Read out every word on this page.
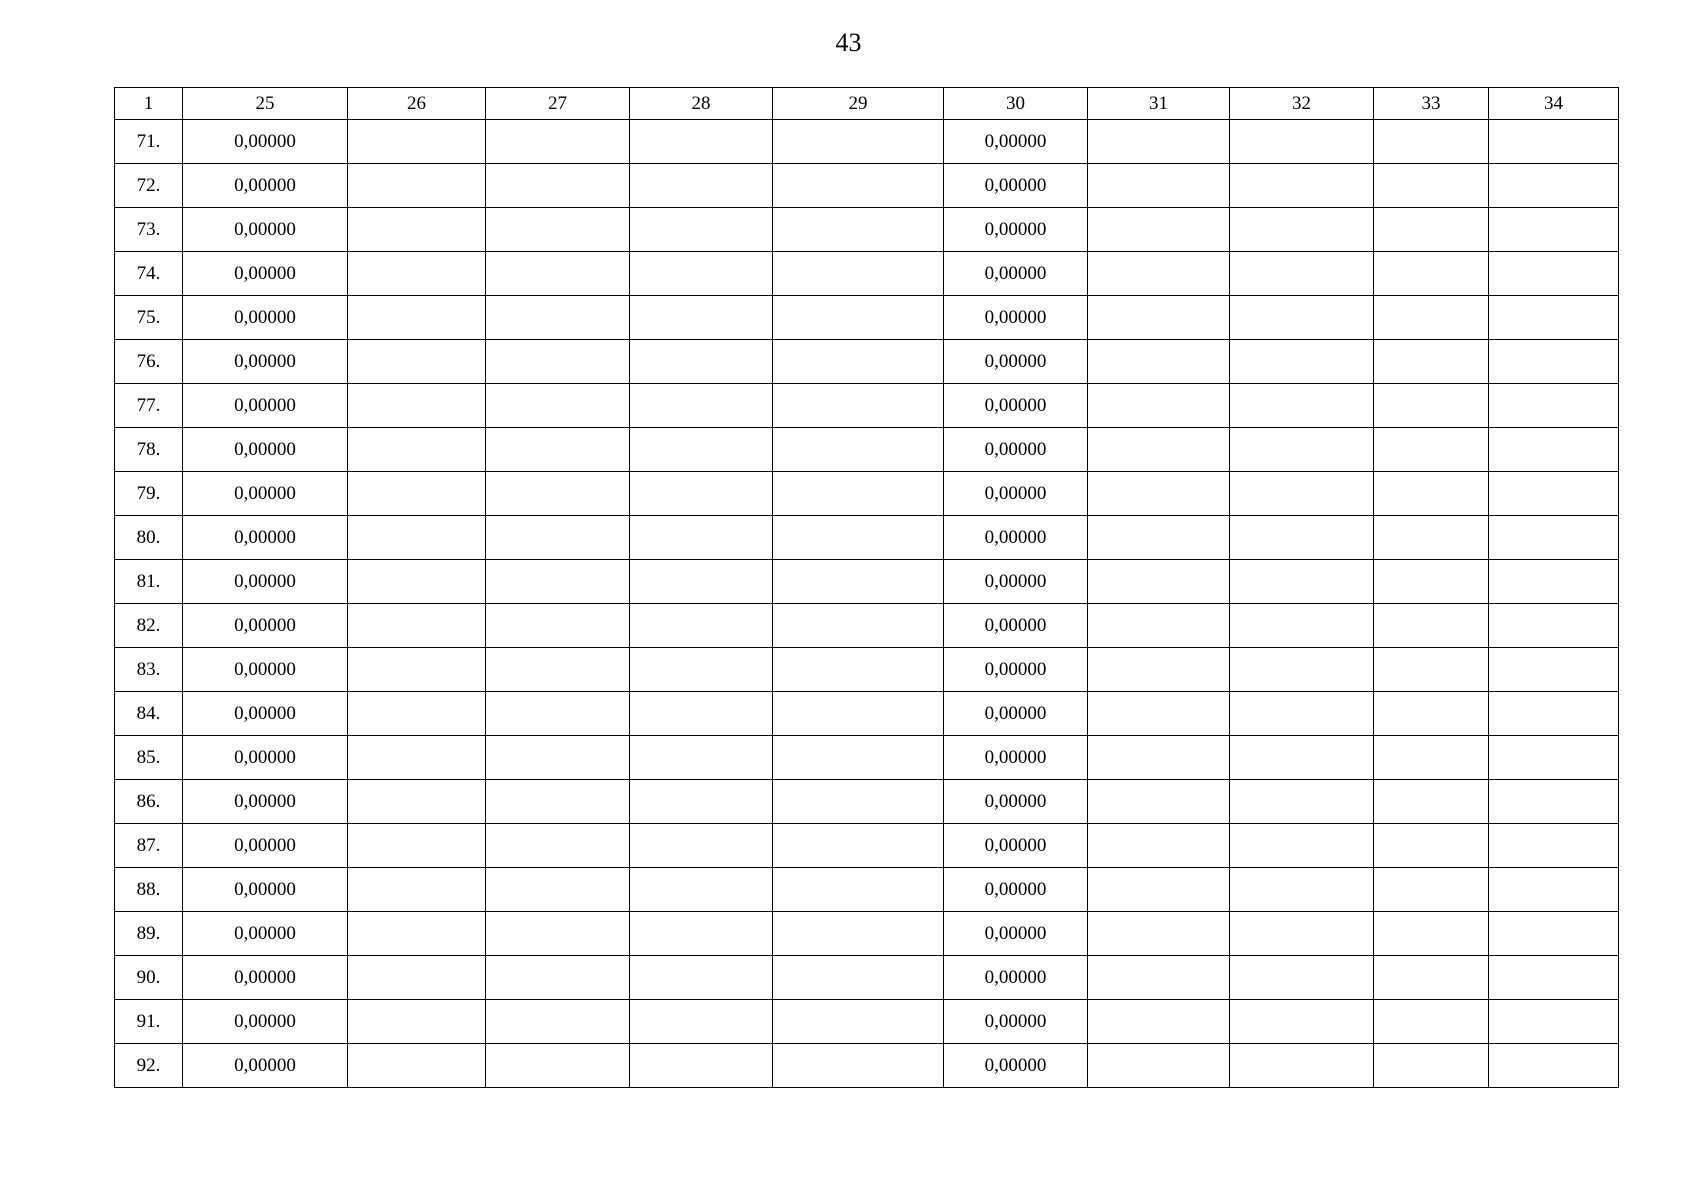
43
1	25	26	27	28	29	30	31	32	33	34
71.	0,00000					0,00000				
72.	0,00000					0,00000				
73.	0,00000					0,00000				
74.	0,00000					0,00000				
75.	0,00000					0,00000				
76.	0,00000					0,00000				
77.	0,00000					0,00000				
78.	0,00000					0,00000				
79.	0,00000					0,00000				
80.	0,00000					0,00000				
81.	0,00000					0,00000				
82.	0,00000					0,00000				
83.	0,00000					0,00000				
84.	0,00000					0,00000				
85.	0,00000					0,00000				
86.	0,00000					0,00000				
87.	0,00000					0,00000				
88.	0,00000					0,00000				
89.	0,00000					0,00000				
90.	0,00000					0,00000				
91.	0,00000					0,00000				
92.	0,00000					0,00000				
